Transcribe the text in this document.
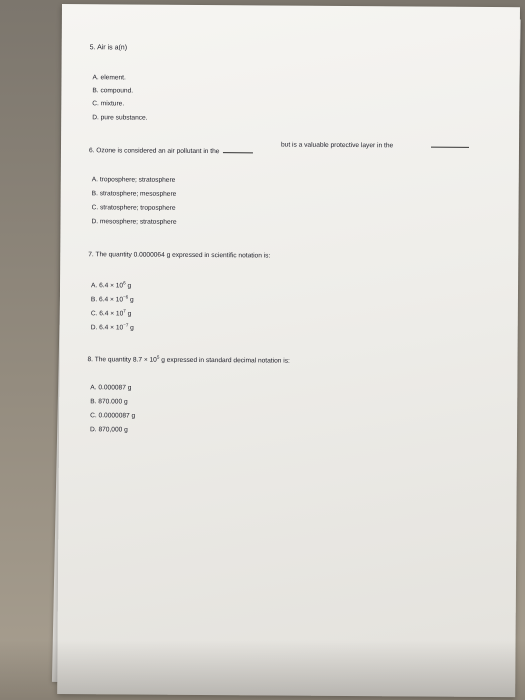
5. Air is a(n)
A. element.
B. compound.
C. mixture.
D. pure substance.
6. Ozone is considered an air pollutant in the
but is a valuable protective layer in the
A. troposphere; stratosphere
B. stratosphere; mesosphere
C. stratosphere; troposphere
D. mesosphere; stratosphere
7. The quantity 0.0000064 g expressed in scientific notation is:
A. $6.4 \times 10^6$ g
B. $6.4 \times 10^{-6}$ g
C. $6.4 \times 10^7$ g
D. $6.4 \times 10^{-7}$ g
8. The quantity $8.7 \times 10^5$ g expressed in standard decimal notation is:
A. 0.000087 g
B. 870.000 g
C. 0.0000087 g
D. 870,000 g
